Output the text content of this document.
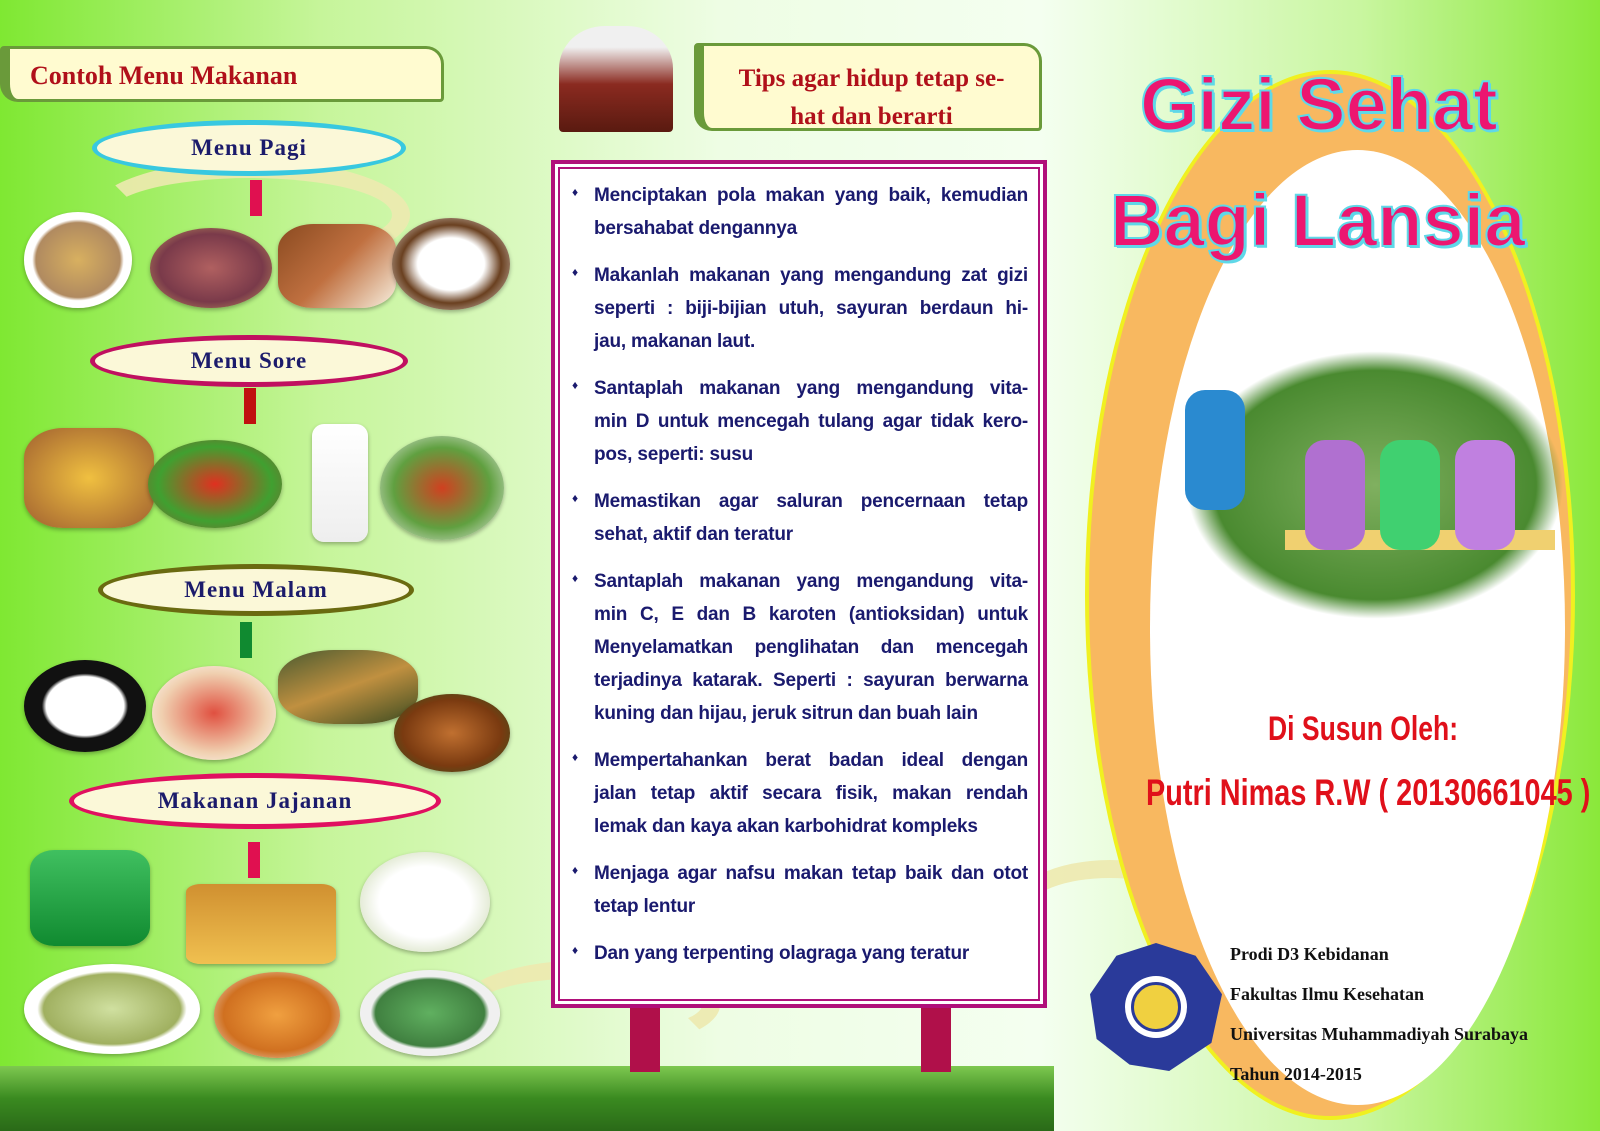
Contoh Menu Makanan
Menu Pagi
Menu Sore
Menu Malam
Makanan Jajanan
Tips agar hidup tetap se-
hat dan berarti
♦ Menciptakan pola makan yang baik, kemudian
bersahabat dengannya
♦ Makanlah makanan yang mengandung zat gizi
seperti : biji-bijian utuh, sayuran berdaun hi-
jau, makanan laut.
♦ Santaplah makanan yang mengandung vita-
min D untuk mencegah tulang agar tidak kero-
pos, seperti: susu
♦ Memastikan agar saluran pencernaan tetap
sehat, aktif dan teratur
♦ Santaplah makanan yang mengandung vita-
min C, E dan B karoten (antioksidan) untuk
Menyelamatkan penglihatan dan mencegah
terjadinya katarak. Seperti : sayuran berwarna
kuning dan hijau, jeruk sitrun dan buah lain
♦ Mempertahankan berat badan ideal dengan
jalan tetap aktif secara fisik, makan rendah
lemak dan kaya akan karbohidrat kompleks
♦ Menjaga agar nafsu makan tetap baik dan otot
tetap lentur
♦ Dan yang terpenting olagraga yang teratur
Gizi Sehat
Bagi Lansia
Di Susun Oleh:
Putri Nimas R.W ( 20130661045 )
Prodi D3 Kebidanan
Fakultas Ilmu Kesehatan
Universitas Muhammadiyah Surabaya
Tahun 2014-2015
